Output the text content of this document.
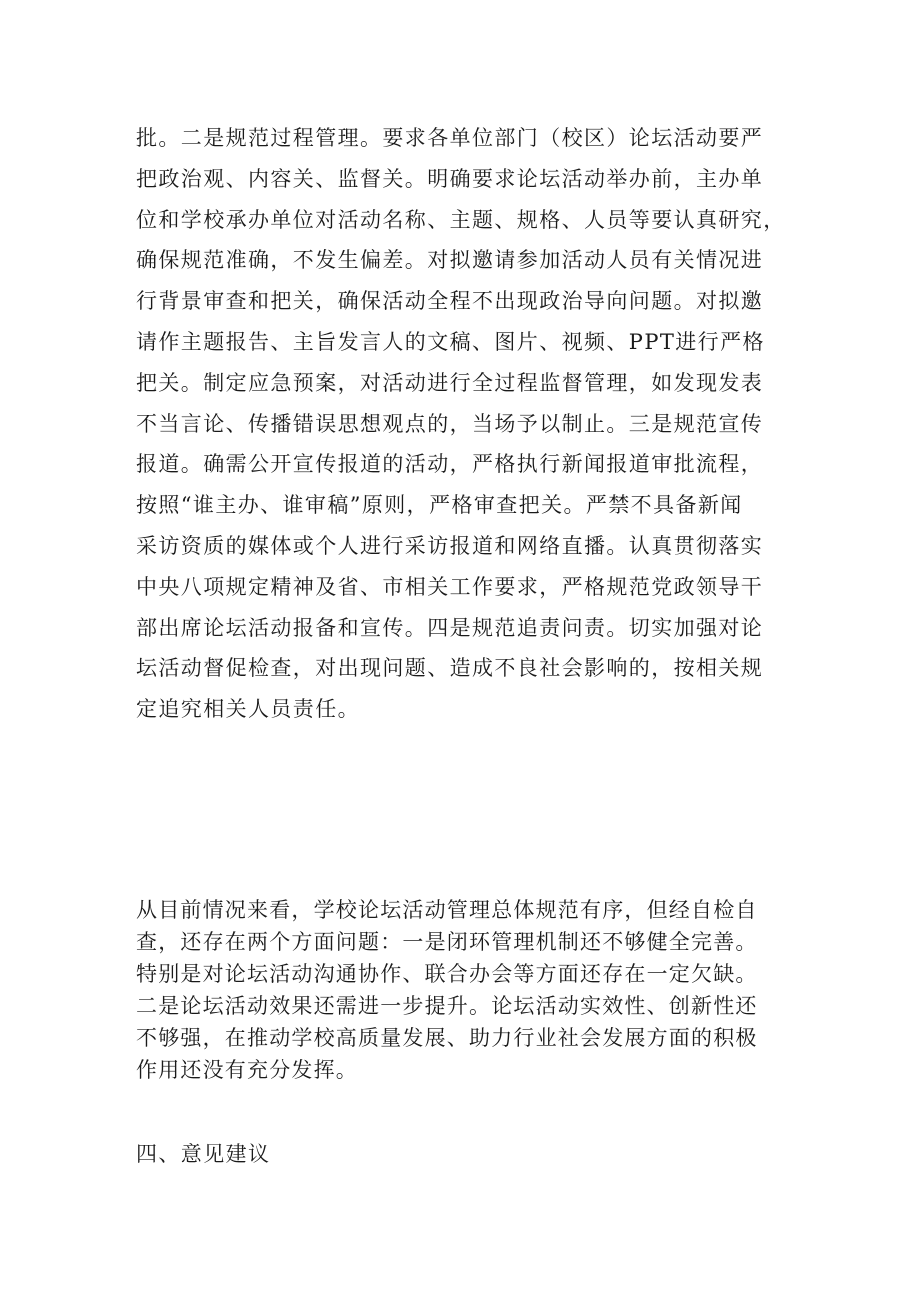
批。二是规范过程管理。要求各单位部门（校区）论坛活动要严
把政治观、内容关、监督关。明确要求论坛活动举办前，主办单
位和学校承办单位对活动名称、主题、规格、人员等要认真研究，
确保规范准确，不发生偏差。对拟邀请参加活动人员有关情况进
行背景审查和把关，确保活动全程不出现政治导向问题。对拟邀
请作主题报告、主旨发言人的文稿、图片、视频、PPT进行严格
把关。制定应急预案，对活动进行全过程监督管理，如发现发表
不当言论、传播错误思想观点的，当场予以制止。三是规范宣传
报道。确需公开宣传报道的活动，严格执行新闻报道审批流程，
按照“谁主办、谁审稿”原则，严格审查把关。严禁不具备新闻
采访资质的媒体或个人进行采访报道和网络直播。认真贯彻落实
中央八项规定精神及省、市相关工作要求，严格规范党政领导干
部出席论坛活动报备和宣传。四是规范追责问责。切实加强对论
坛活动督促检查，对出现问题、造成不良社会影响的，按相关规
定追究相关人员责任。

从目前情况来看，学校论坛活动管理总体规范有序，但经自检自
查，还存在两个方面问题：一是闭环管理机制还不够健全完善。
特别是对论坛活动沟通协作、联合办会等方面还存在一定欠缺。
二是论坛活动效果还需进一步提升。论坛活动实效性、创新性还
不够强，在推动学校高质量发展、助力行业社会发展方面的积极
作用还没有充分发挥。

四、意见建议
